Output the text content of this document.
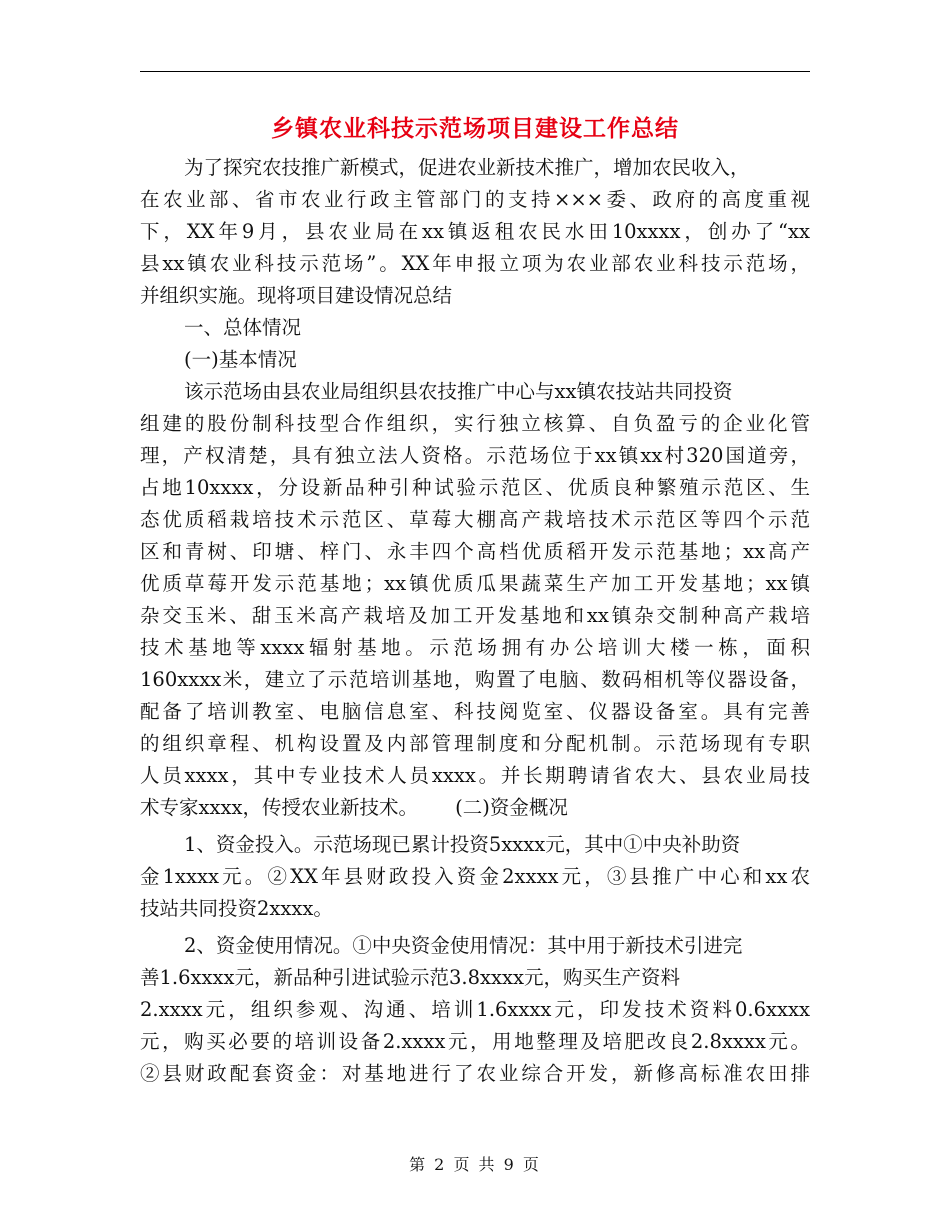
乡镇农业科技示范场项目建设工作总结
为了探究农技推广新模式，促进农业新技术推广，增加农民收入，
在农业部、省市农业行政主管部门的支持×××委、政府的高度重视
下，XX年9月，县农业局在xx镇返租农民水田10xxxx，创办了“xx
县xx镇农业科技示范场”。XX年申报立项为农业部农业科技示范场，
并组织实施。现将项目建设情况总结
一、总体情况
(一)基本情况
该示范场由县农业局组织县农技推广中心与xx镇农技站共同投资
组建的股份制科技型合作组织，实行独立核算、自负盈亏的企业化管
理，产权清楚，具有独立法人资格。示范场位于xx镇xx村320国道旁，
占地10xxxx，分设新品种引种试验示范区、优质良种繁殖示范区、生
态优质稻栽培技术示范区、草莓大棚高产栽培技术示范区等四个示范
区和青树、印塘、梓门、永丰四个高档优质稻开发示范基地；xx高产
优质草莓开发示范基地；xx镇优质瓜果蔬菜生产加工开发基地；xx镇
杂交玉米、甜玉米高产栽培及加工开发基地和xx镇杂交制种高产栽培
技术基地等xxxx辐射基地。示范场拥有办公培训大楼一栋，面积
160xxxx米，建立了示范培训基地，购置了电脑、数码相机等仪器设备，
配备了培训教室、电脑信息室、科技阅览室、仪器设备室。具有完善
的组织章程、机构设置及内部管理制度和分配机制。示范场现有专职
人员xxxx，其中专业技术人员xxxx。并长期聘请省农大、县农业局技
术专家xxxx，传授农业新技术。      (二)资金概况
1、资金投入。示范场现已累计投资5xxxx元，其中①中央补助资
金1xxxx元。②XX年县财政投入资金2xxxx元，③县推广中心和xx农
技站共同投资2xxxx。
2、资金使用情况。①中央资金使用情况：其中用于新技术引进完
善1.6xxxx元，新品种引进试验示范3.8xxxx元，购买生产资料
2.xxxx元，组织参观、沟通、培训1.6xxxx元，印发技术资料0.6xxxx
元，购买必要的培训设备2.xxxx元，用地整理及培肥改良2.8xxxx元。
②县财政配套资金：对基地进行了农业综合开发，新修高标准农田排
第 2 页 共 9 页
